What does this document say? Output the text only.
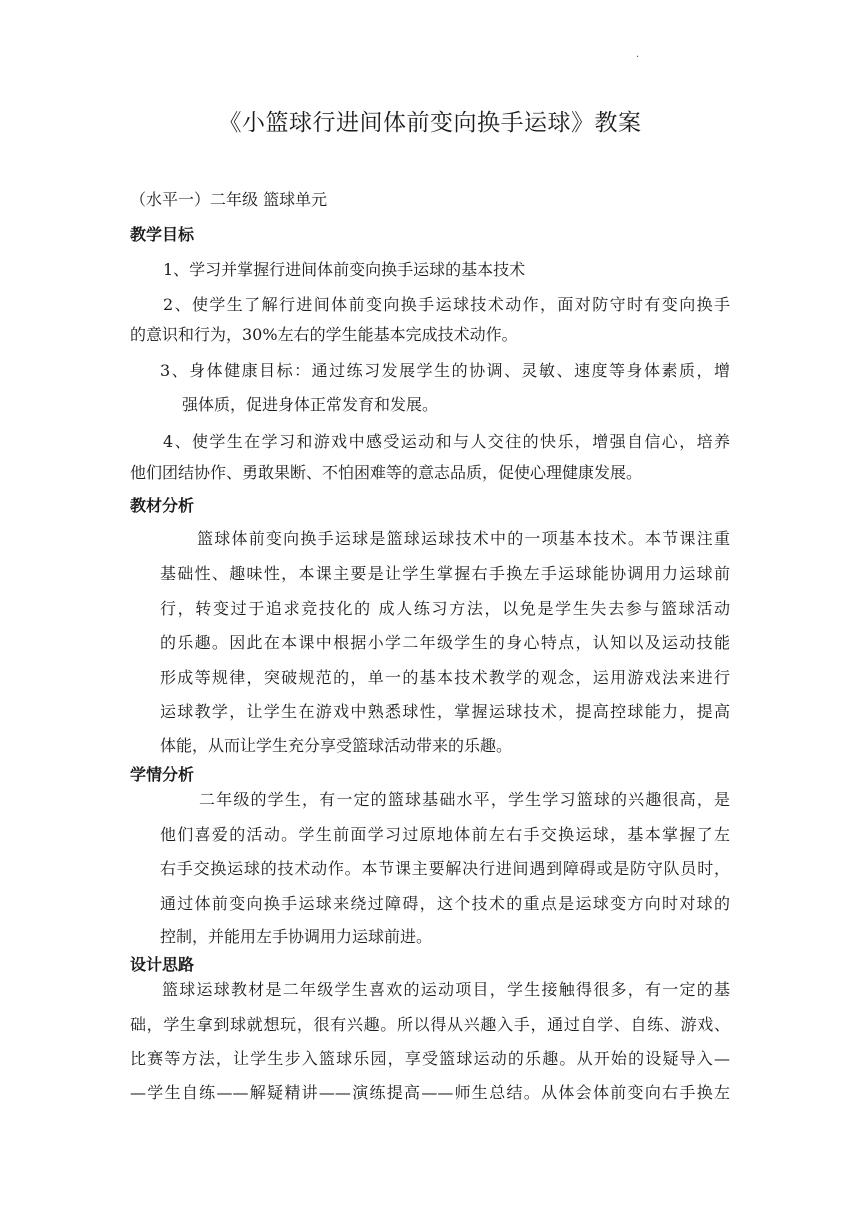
·
《小篮球行进间体前变向换手运球》教案
（水平一）二年级 篮球单元
教学目标
1、学习并掌握行进间体前变向换手运球的基本技术
2、使学生了解行进间体前变向换手运球技术动作，面对防守时有变向换手
的意识和行为，30%左右的学生能基本完成技术动作。
3、身体健康目标：通过练习发展学生的协调、灵敏、速度等身体素质，增
强体质，促进身体正常发育和发展。
4、使学生在学习和游戏中感受运动和与人交往的快乐，增强自信心，培养
他们团结协作、勇敢果断、不怕困难等的意志品质，促使心理健康发展。
教材分析
篮球体前变向换手运球是篮球运球技术中的一项基本技术。本节课注重
基础性、趣味性，本课主要是让学生掌握右手换左手运球能协调用力运球前
行，转变过于追求竞技化的 成人练习方法，以免是学生失去参与篮球活动
的乐趣。因此在本课中根据小学二年级学生的身心特点，认知以及运动技能
形成等规律，突破规范的，单一的基本技术教学的观念，运用游戏法来进行
运球教学，让学生在游戏中熟悉球性，掌握运球技术，提高控球能力，提高
体能，从而让学生充分享受篮球活动带来的乐趣。
学情分析
二年级的学生，有一定的篮球基础水平，学生学习篮球的兴趣很高，是
他们喜爱的活动。学生前面学习过原地体前左右手交换运球，基本掌握了左
右手交换运球的技术动作。本节课主要解决行进间遇到障碍或是防守队员时，
通过体前变向换手运球来绕过障碍，这个技术的重点是运球变方向时对球的
控制，并能用左手协调用力运球前进。
设计思路
篮球运球教材是二年级学生喜欢的运动项目，学生接触得很多，有一定的基
础，学生拿到球就想玩，很有兴趣。所以得从兴趣入手，通过自学、自练、游戏、
比赛等方法，让学生步入篮球乐园，享受篮球运动的乐趣。从开始的设疑导入—
—学生自练——解疑精讲——演练提高——师生总结。从体会体前变向右手换左
